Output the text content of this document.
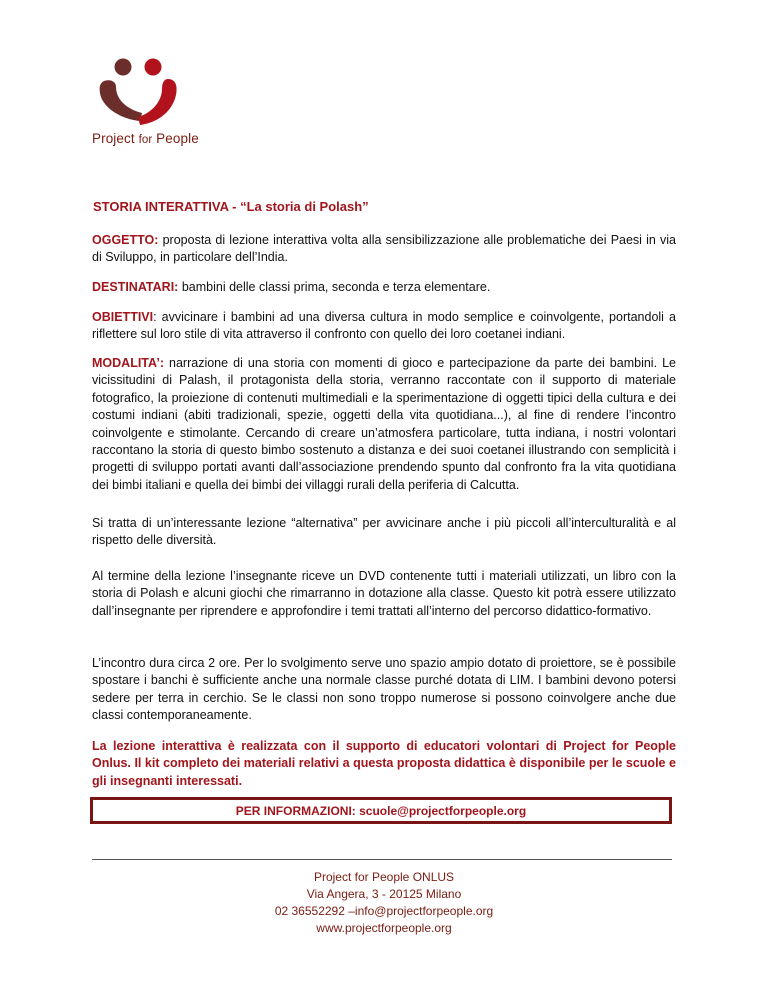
Project for People
STORIA INTERATTIVA - “La storia di Polash”
OGGETTO: proposta di lezione interattiva volta alla sensibilizzazione alle problematiche dei Paesi in via di Sviluppo, in particolare dell’India.
DESTINATARI: bambini delle classi prima, seconda e terza elementare.
OBIETTIVI: avvicinare i bambini ad una diversa cultura in modo semplice e coinvolgente, portandoli a riflettere sul loro stile di vita attraverso il confronto con quello dei loro coetanei indiani.
MODALITA’: narrazione di una storia con momenti di gioco e partecipazione da parte dei bambini. Le vicissitudini di Palash, il protagonista della storia, verranno raccontate con il supporto di materiale fotografico, la proiezione di contenuti multimediali e la sperimentazione di oggetti tipici della cultura e dei costumi indiani (abiti tradizionali, spezie, oggetti della vita quotidiana...), al fine di rendere l’incontro coinvolgente e stimolante. Cercando di creare un’atmosfera particolare, tutta indiana, i nostri volontari raccontano la storia di questo bimbo sostenuto a distanza e dei suoi coetanei illustrando con semplicità i progetti di sviluppo portati avanti dall’associazione prendendo spunto dal confronto fra la vita quotidiana dei bimbi italiani e quella dei bimbi dei villaggi rurali della periferia di Calcutta.
Si tratta di un’interessante lezione “alternativa” per avvicinare anche i più piccoli all’interculturalità e al rispetto delle diversità.
Al termine della lezione l’insegnante riceve un DVD contenente tutti i materiali utilizzati, un libro con la storia di Polash e alcuni giochi che rimarranno in dotazione alla classe. Questo kit potrà essere utilizzato dall’insegnante per riprendere e approfondire i temi trattati all’interno del percorso didattico-formativo.
L’incontro dura circa 2 ore. Per lo svolgimento serve uno spazio ampio dotato di proiettore, se è possibile spostare i banchi è sufficiente anche una normale classe purché dotata di LIM. I bambini devono potersi sedere per terra in cerchio. Se le classi non sono troppo numerose si possono coinvolgere anche due classi contemporaneamente.
La lezione interattiva è realizzata con il supporto di educatori volontari di Project for People Onlus. Il kit completo dei materiali relativi a questa proposta didattica è disponibile per le scuole e gli insegnanti interessati.
PER INFORMAZIONI: scuole@projectforpeople.org
Project for People ONLUS
Via Angera, 3 - 20125 Milano
02 36552292 –info@projectforpeople.org
www.projectforpeople.org
